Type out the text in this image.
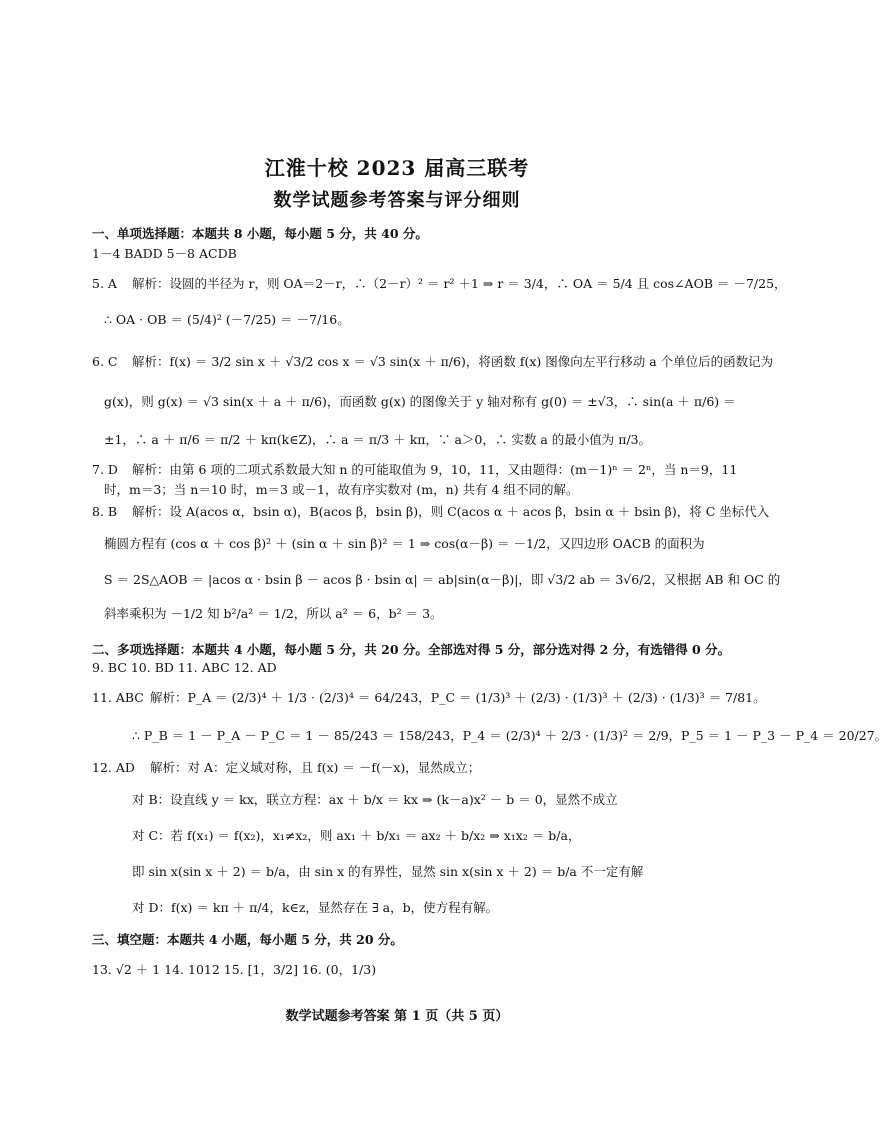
江淮十校 2023 届高三联考
数学试题参考答案与评分细则
一、单项选择题：本题共 8 小题，每小题 5 分，共 40 分。
1－4 BADD 5－8 ACDB
5. A 解析：设圆的半径为 r，则 OA＝2－r，∴（2－r）² ＝ r² ＋1 ⇒ r ＝ 3/4，∴ OA ＝ 5/4 且 cos∠AOB ＝ －7/25，
∴ OA · OB ＝ (5/4)² (－7/25) ＝ －7/16。
6. C 解析：f(x) ＝ 3/2 sin x ＋ √3/2 cos x ＝ √3 sin(x ＋ π/6)，将函数 f(x) 图像向左平行移动 a 个单位后的函数记为
g(x)，则 g(x) ＝ √3 sin(x ＋ a ＋ π/6)，而函数 g(x) 的图像关于 y 轴对称有 g(0) ＝ ±√3，∴ sin(a ＋ π/6) ＝
±1，∴ a ＋ π/6 ＝ π/2 ＋ kπ(k∈Z)，∴ a ＝ π/3 ＋ kπ，∵ a＞0，∴ 实数 a 的最小值为 π/3。
7. D 解析：由第 6 项的二项式系数最大知 n 的可能取值为 9，10，11，又由题得：(m－1)ⁿ ＝ 2ⁿ，当 n＝9，11
时，m＝3；当 n＝10 时，m＝3 或－1，故有序实数对 (m，n) 共有 4 组不同的解。
8. B 解析：设 A(acos α，bsin α)，B(acos β，bsin β)，则 C(acos α ＋ acos β，bsin α ＋ bsin β)，将 C 坐标代入
椭圆方程有 (cos α ＋ cos β)² ＋ (sin α ＋ sin β)² ＝ 1 ⇒ cos(α－β) ＝ －1/2，又四边形 OACB 的面积为
S ＝ 2S△AOB ＝ |acos α · bsin β － acos β · bsin α| ＝ ab|sin(α－β)|，即 √3/2 ab ＝ 3√6/2，又根据 AB 和 OC 的
斜率乘积为 －1/2 知 b²/a² ＝ 1/2，所以 a² ＝ 6，b² ＝ 3。
二、多项选择题：本题共 4 小题，每小题 5 分，共 20 分。全部选对得 5 分，部分选对得 2 分，有选错得 0 分。
9. BC 10. BD 11. ABC 12. AD
11. ABC 解析：P_A ＝ (2/3)⁴ ＋ 1/3 · (2/3)⁴ ＝ 64/243，P_C ＝ (1/3)³ ＋ (2/3) · (1/3)³ ＋ (2/3) · (1/3)³ ＝ 7/81。
∴ P_B ＝ 1 － P_A － P_C ＝ 1 － 85/243 ＝ 158/243，P_4 ＝ (2/3)⁴ ＋ 2/3 · (1/3)² ＝ 2/9，P_5 ＝ 1 － P_3 － P_4 ＝ 20/27。
12. AD 解析：对 A：定义域对称，且 f(x) ＝ －f(－x)，显然成立；
对 B：设直线 y ＝ kx，联立方程：ax ＋ b/x ＝ kx ⇒ (k－a)x² － b ＝ 0，显然不成立
对 C：若 f(x₁) ＝ f(x₂)，x₁≠x₂，则 ax₁ ＋ b/x₁ ＝ ax₂ ＋ b/x₂ ⇒ x₁x₂ ＝ b/a，
即 sin x(sin x ＋ 2) ＝ b/a，由 sin x 的有界性，显然 sin x(sin x ＋ 2) ＝ b/a 不一定有解
对 D：f(x) ＝ kπ ＋ π/4，k∈z，显然存在 ∃ a，b，使方程有解。
三、填空题：本题共 4 小题，每小题 5 分，共 20 分。
13. √2 ＋ 1 14. 1012 15. [1，3/2] 16. (0，1/3)
数学试题参考答案 第 1 页（共 5 页）
